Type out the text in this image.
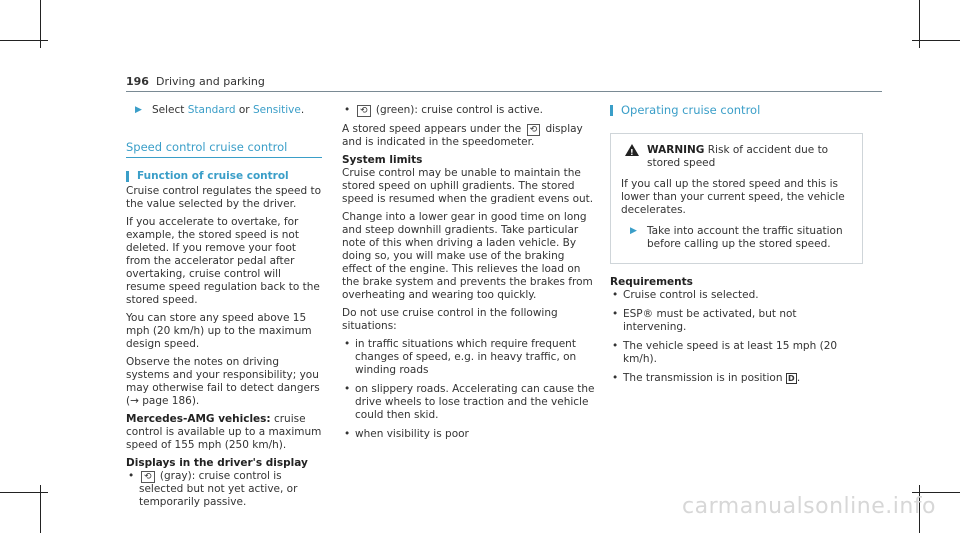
196 Driving and parking
▶ Select Standard or Sensitive.
Speed control cruise control
Function of cruise control

Cruise control regulates the speed to the value selected by the driver.

If you accelerate to overtake, for example, the stored speed is not deleted. If you remove your foot from the accelerator pedal after overtaking, cruise control will resume speed regulation back to the stored speed.

You can store any speed above 15 mph (20 km/h) up to the maximum design speed.

Observe the notes on driving systems and your responsibility; you may otherwise fail to detect dangers (→ page 186).

Mercedes-AMG vehicles: cruise control is available up to a maximum speed of 155 mph (250 km/h).

Displays in the driver's display
• ⟲ (gray): cruise control is selected but not yet active, or temporarily passive.
• ⟲ (green): cruise control is active.

A stored speed appears under the ⟲ display and is indicated in the speedometer.

System limits

Cruise control may be unable to maintain the stored speed on uphill gradients. The stored speed is resumed when the gradient evens out.

Change into a lower gear in good time on long and steep downhill gradients. Take particular note of this when driving a laden vehicle. By doing so, you will make use of the braking effect of the engine. This relieves the load on the brake system and prevents the brakes from overheating and wearing too quickly.

Do not use cruise control in the following situations:

• in traffic situations which require frequent changes of speed, e.g. in heavy traffic, on winding roads
• on slippery roads. Accelerating can cause the drive wheels to lose traction and the vehicle could then skid.
• when visibility is poor
Operating cruise control
! WARNING Risk of accident due to stored speed

If you call up the stored speed and this is lower than your current speed, the vehicle decelerates.

▶ Take into account the traffic situation before calling up the stored speed.
Requirements
• Cruise control is selected.
• ESP® must be activated, but not intervening.
• The vehicle speed is at least 15 mph (20 km/h).
• The transmission is in position D .
carmanualsonline.info
